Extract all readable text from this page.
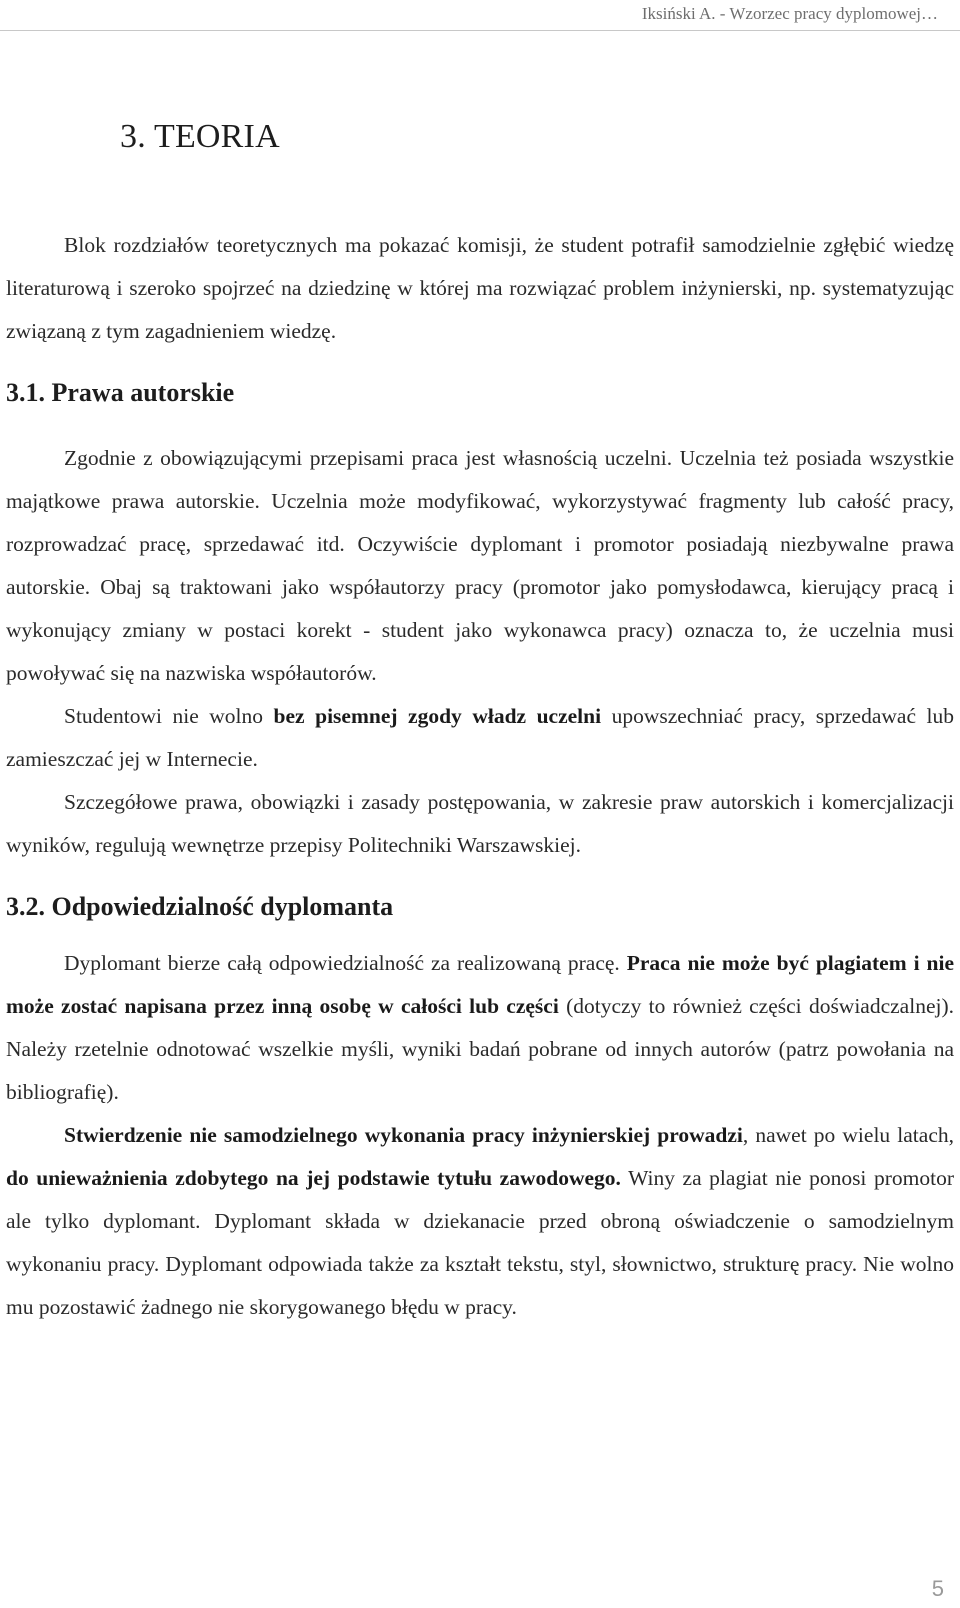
Iksiński A. - Wzorzec pracy dyplomowej…
3. TEORIA

Blok rozdziałów teoretycznych ma pokazać komisji, że student potrafił samodzielnie zgłębić wiedzę literaturową i szeroko spojrzeć na dziedzinę w której ma rozwiązać problem inżynierski, np. systematyzując związaną z tym zagadnieniem wiedzę.

3.1. Prawa autorskie

Zgodnie z obowiązującymi przepisami praca jest własnością uczelni. Uczelnia też posiada wszystkie majątkowe prawa autorskie. Uczelnia może modyfikować, wykorzystywać fragmenty lub całość pracy, rozprowadzać pracę, sprzedawać itd. Oczywiście dyplomant i promotor posiadają niezbywalne prawa autorskie. Obaj są traktowani jako współautorzy pracy (promotor jako pomysłodawca, kierujący pracą i wykonujący zmiany w postaci korekt - student jako wykonawca pracy) oznacza to, że uczelnia musi powoływać się na nazwiska współautorów.

Studentowi nie wolno bez pisemnej zgody władz uczelni upowszechniać pracy, sprzedawać lub zamieszczać jej w Internecie.

Szczegółowe prawa, obowiązki i zasady postępowania, w zakresie praw autorskich i komercjalizacji wyników, regulują wewnętrze przepisy Politechniki Warszawskiej.

3.2. Odpowiedzialność dyplomanta

Dyplomant bierze całą odpowiedzialność za realizowaną pracę. Praca nie może być plagiatem i nie może zostać napisana przez inną osobę w całości lub części (dotyczy to również części doświadczalnej). Należy rzetelnie odnotować wszelkie myśli, wyniki badań pobrane od innych autorów (patrz powołania na bibliografię).

Stwierdzenie nie samodzielnego wykonania pracy inżynierskiej prowadzi, nawet po wielu latach, do unieważnienia zdobytego na jej podstawie tytułu zawodowego. Winy za plagiat nie ponosi promotor ale tylko dyplomant. Dyplomant składa w dziekanacie przed obroną oświadczenie o samodzielnym wykonaniu pracy. Dyplomant odpowiada także za kształt tekstu, styl, słownictwo, strukturę pracy. Nie wolno mu pozostawić żadnego nie skorygowanego błędu w pracy.

5
